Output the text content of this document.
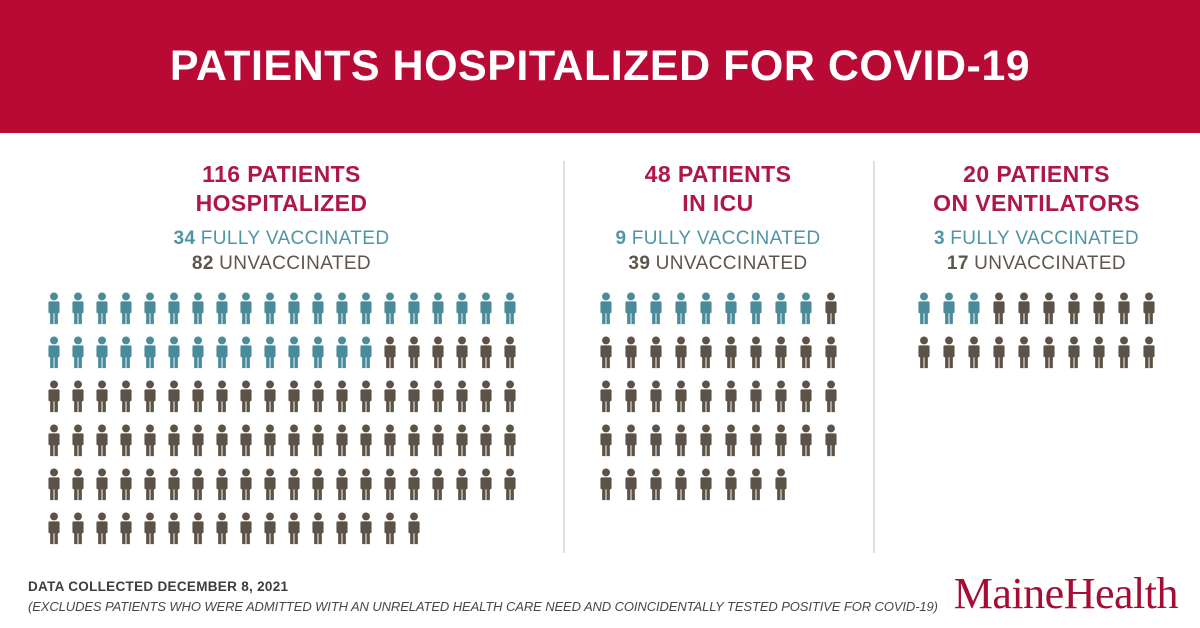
PATIENTS HOSPITALIZED FOR COVID-19
116 PATIENTS
HOSPITALIZED

34 FULLY VACCINATED

82 UNVACCINATED

48 PATIENTS
IN ICU

9 FULLY VACCINATED

39 UNVACCINATED

20 PATIENTS
ON VENTILATORS

3 FULLY VACCINATED

17 UNVACCINATED

DATA COLLECTED DECEMBER 8, 2021
(EXCLUDES PATIENTS WHO WERE ADMITTED WITH AN UNRELATED HEALTH CARE NEED AND COINCIDENTALLY TESTED POSITIVE FOR COVID-19) MaineHealth
